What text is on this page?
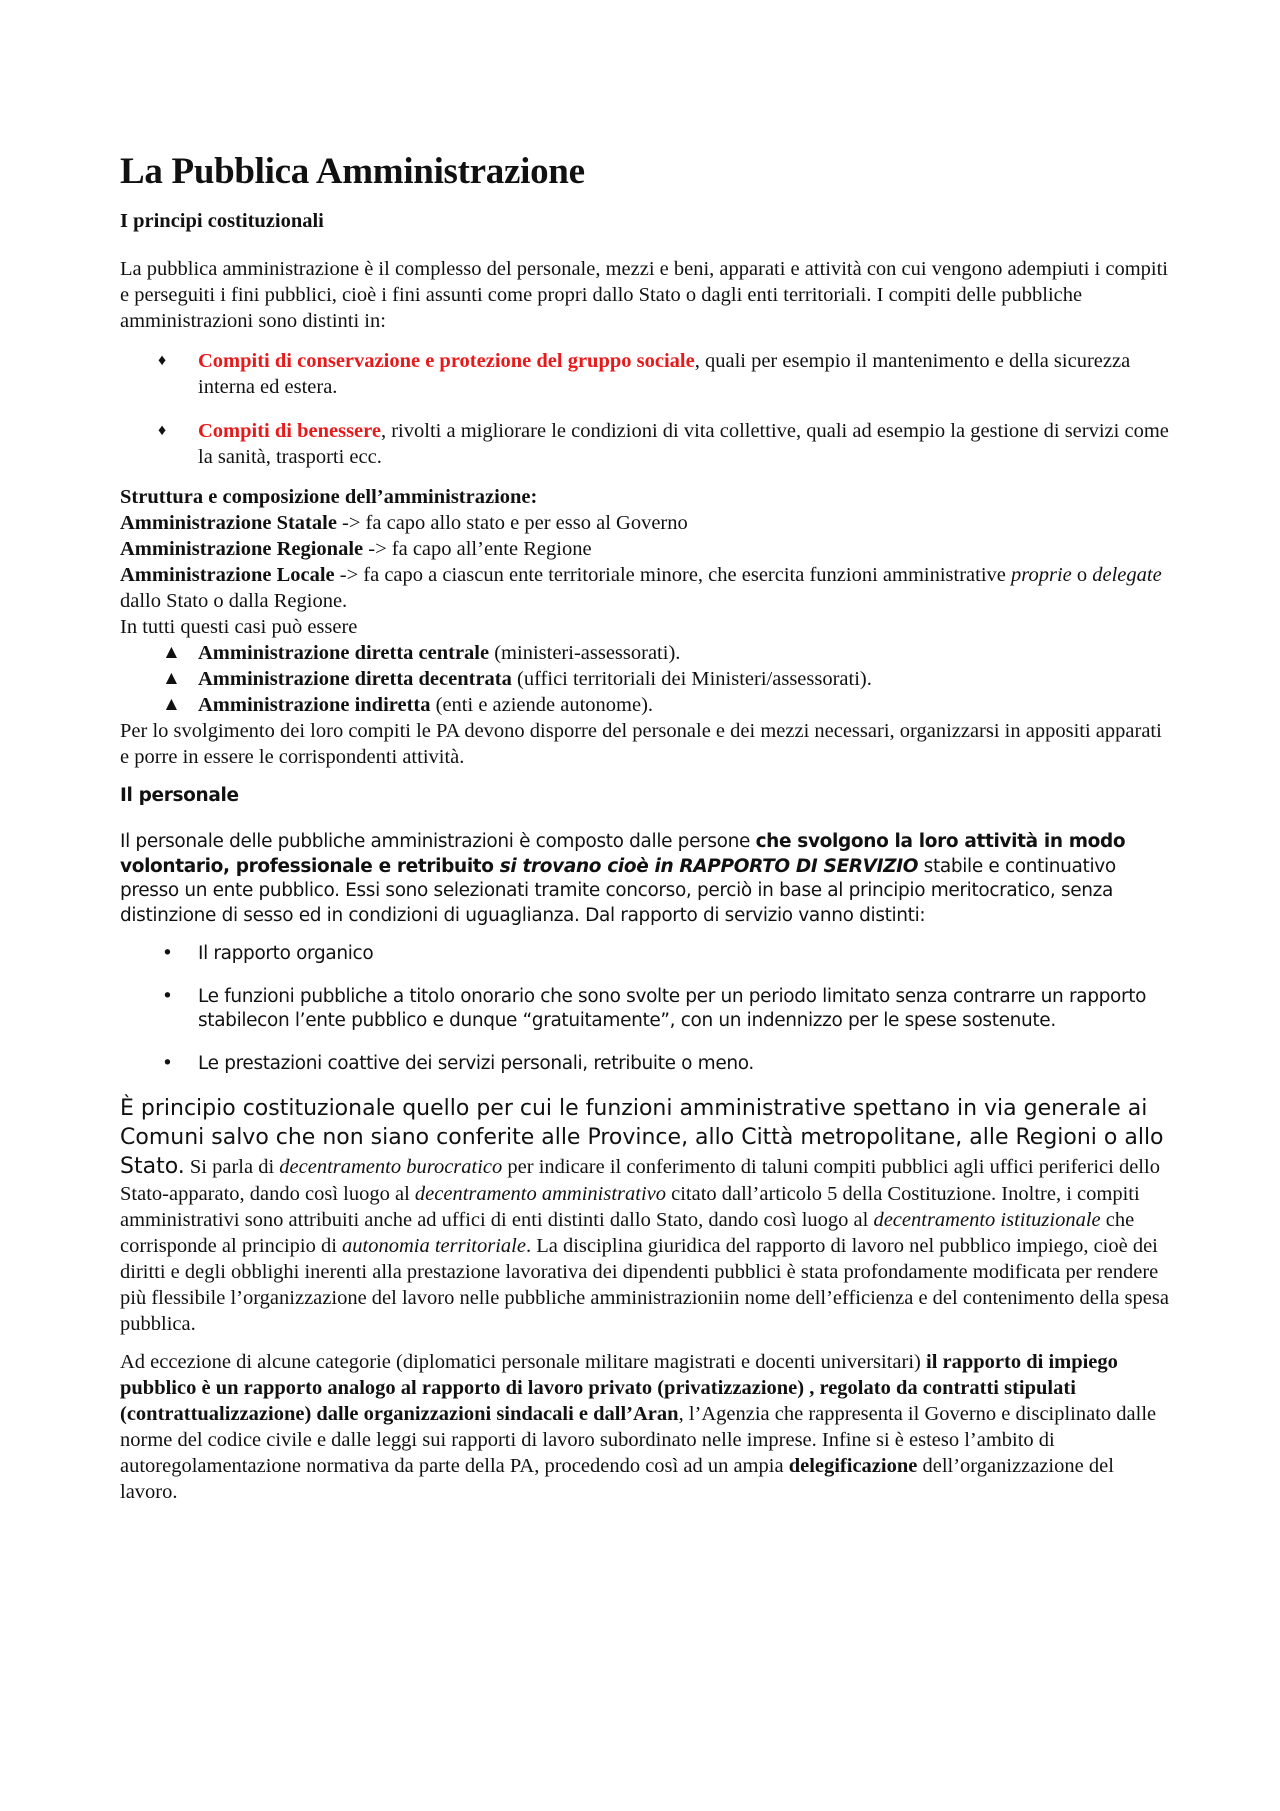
La Pubblica Amministrazione
I principi costituzionali

La pubblica amministrazione è il complesso del personale, mezzi e beni, apparati e attività con cui vengono adempiuti i compiti e perseguiti i fini pubblici, cioè i fini assunti come propri dallo Stato o dagli enti territoriali. I compiti delle pubbliche amministrazioni sono distinti in:

♦ Compiti di conservazione e protezione del gruppo sociale, quali per esempio il mantenimento e della sicurezza interna ed estera.
♦ Compiti di benessere, rivolti a migliorare le condizioni di vita collettive, quali ad esempio la gestione di servizi come la sanità, trasporti ecc.

Struttura e composizione dell’amministrazione:

Amministrazione Statale -> fa capo allo stato e per esso al Governo

Amministrazione Regionale -> fa capo all’ente Regione

Amministrazione Locale -> fa capo a ciascun ente territoriale minore, che esercita funzioni amministrative proprie o delegate dallo Stato o dalla Regione.

In tutti questi casi può essere

▲ Amministrazione diretta centrale (ministeri-assessorati).
▲ Amministrazione diretta decentrata (uffici territoriali dei Ministeri/assessorati).
▲ Amministrazione indiretta (enti e aziende autonome).

Per lo svolgimento dei loro compiti le PA devono disporre del personale e dei mezzi necessari, organizzarsi in appositi apparati e porre in essere le corrispondenti attività.

Il personale

Il personale delle pubbliche amministrazioni è composto dalle persone che svolgono la loro attività in modo volontario, professionale e retribuito si trovano cioè in RAPPORTO DI SERVIZIO stabile e continuativo presso un ente pubblico. Essi sono selezionati tramite concorso, perciò in base al principio meritocratico, senza distinzione di sesso ed in condizioni di uguaglianza. Dal rapporto di servizio vanno distinti:

• Il rapporto organico
• Le funzioni pubbliche a titolo onorario che sono svolte per un periodo limitato senza contrarre un rapporto stabilecon l’ente pubblico e dunque “gratuitamente”, con un indennizzo per le spese sostenute.
• Le prestazioni coattive dei servizi personali, retribuite o meno.

È principio costituzionale quello per cui le funzioni amministrative spettano in via generale ai Comuni salvo che non siano conferite alle Province, allo Città metropolitane, alle Regioni o allo Stato. Si parla di decentramento burocratico per indicare il conferimento di taluni compiti pubblici agli uffici periferici dello Stato-apparato, dando così luogo al decentramento amministrativo citato dall’articolo 5 della Costituzione. Inoltre, i compiti amministrativi sono attribuiti anche ad uffici di enti distinti dallo Stato, dando così luogo al decentramento istituzionale che corrisponde al principio di autonomia territoriale. La disciplina giuridica del rapporto di lavoro nel pubblico impiego, cioè dei diritti e degli obblighi inerenti alla prestazione lavorativa dei dipendenti pubblici è stata profondamente modificata per rendere più flessibile l’organizzazione del lavoro nelle pubbliche amministrazioniin nome dell’efficienza e del contenimento della spesa pubblica.

Ad eccezione di alcune categorie (diplomatici personale militare magistrati e docenti universitari) il rapporto di impiego pubblico è un rapporto analogo al rapporto di lavoro privato (privatizzazione) , regolato da contratti stipulati (contrattualizzazione) dalle organizzazioni sindacali e dall’Aran, l’Agenzia che rappresenta il Governo e disciplinato dalle norme del codice civile e dalle leggi sui rapporti di lavoro subordinato nelle imprese. Infine si è esteso l’ambito di autoregolamentazione normativa da parte della PA, procedendo così ad un ampia delegificazione dell’organizzazione del lavoro.
